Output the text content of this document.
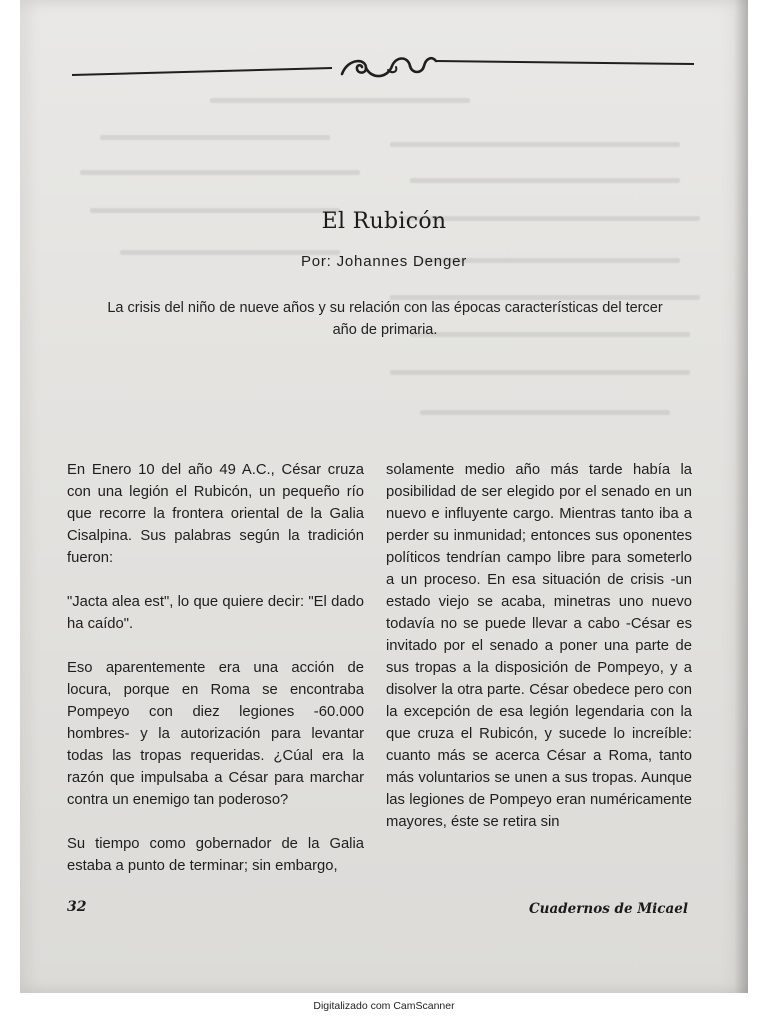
El Rubicón
Por: Johannes Denger
La crisis del niño de nueve años y su relación con las épocas características del tercer año de primaria.

En Enero 10 del año 49 A.C., César cruza con una legión el Rubicón, un pequeño río que recorre la frontera oriental de la Galia Cisalpina. Sus palabras según la tradición fueron:

"Jacta alea est", lo que quiere decir: "El dado ha caído".

Eso aparentemente era una acción de locura, porque en Roma se encontraba Pompeyo con diez legiones -60.000 hombres- y la autorización para levantar todas las tropas requeridas. ¿Cúal era la razón que impulsaba a César para marchar contra un enemigo tan poderoso?

Su tiempo como gobernador de la Galia estaba a punto de terminar; sin embargo,

solamente medio año más tarde había la posibilidad de ser elegido por el senado en un nuevo e influyente cargo. Mientras tanto iba a perder su inmunidad; entonces sus oponentes políticos tendrían campo libre para someterlo a un proceso. En esa situación de crisis -un estado viejo se acaba, minetras uno nuevo todavía no se puede llevar a cabo -César es invitado por el senado a poner una parte de sus tropas a la disposición de Pompeyo, y a disolver la otra parte. César obedece pero con la excepción de esa legión legendaria con la que cruza el Rubicón, y sucede lo increíble: cuanto más se acerca César a Roma, tanto más voluntarios se unen a sus tropas. Aunque las legiones de Pompeyo eran numéricamente mayores, éste se retira sin

32	Cuadernos de Micael
Digitalizado com CamScanner
